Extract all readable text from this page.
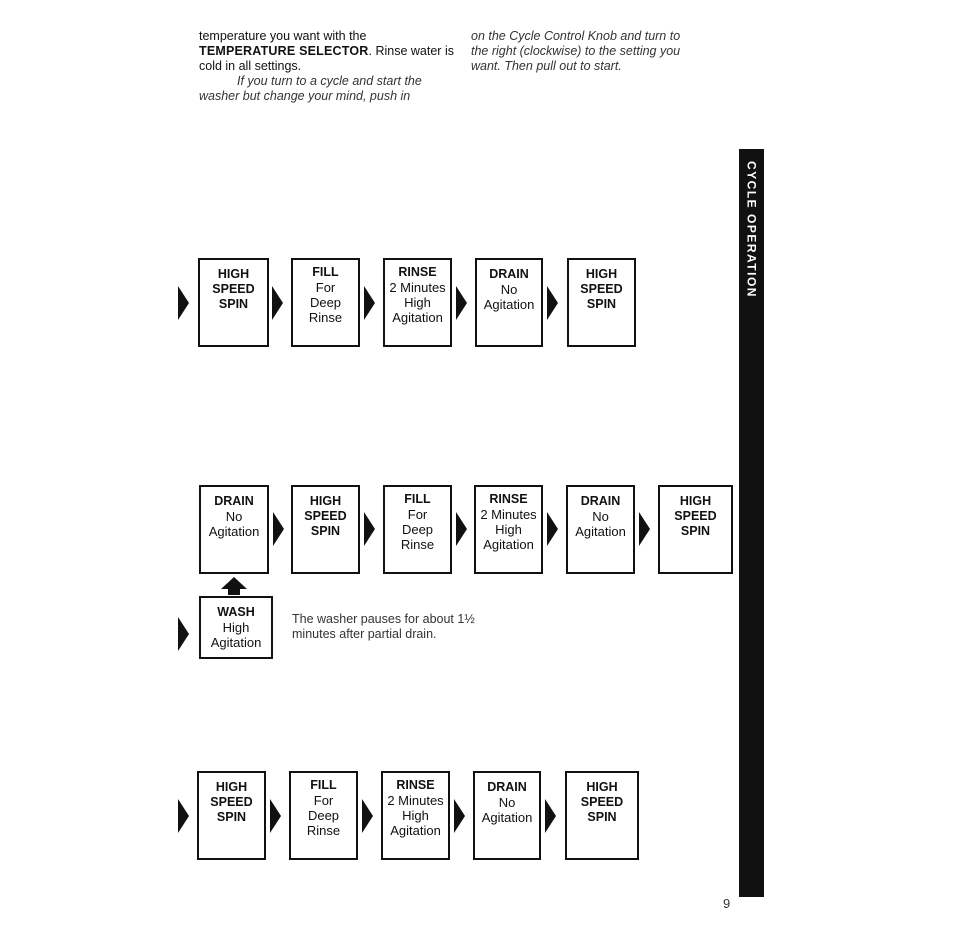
temperature you want with the

TEMPERATURE SELECTOR. Rinse water is

cold in all settings.

If you turn to a cycle and start the

washer but change your mind, push in

on the Cycle Control Knob and turn to

the right (clockwise) to the setting you

want. Then pull out to start.

CYCLE OPERATION
HIGH
SPEED
SPIN
FILL
For
Deep
Rinse
RINSE
2 Minutes
High
Agitation
DRAIN
No
Agitation
HIGH
SPEED
SPIN
DRAIN
No
Agitation
HIGH
SPEED
SPIN
FILL
For
Deep
Rinse
RINSE
2 Minutes
High
Agitation
DRAIN
No
Agitation
HIGH
SPEED
SPIN
WASH
High
Agitation
The washer pauses for about 1½
minutes after partial drain.
HIGH
SPEED
SPIN
FILL
For
Deep
Rinse
RINSE
2 Minutes
High
Agitation
DRAIN
No
Agitation
HIGH
SPEED
SPIN
9
